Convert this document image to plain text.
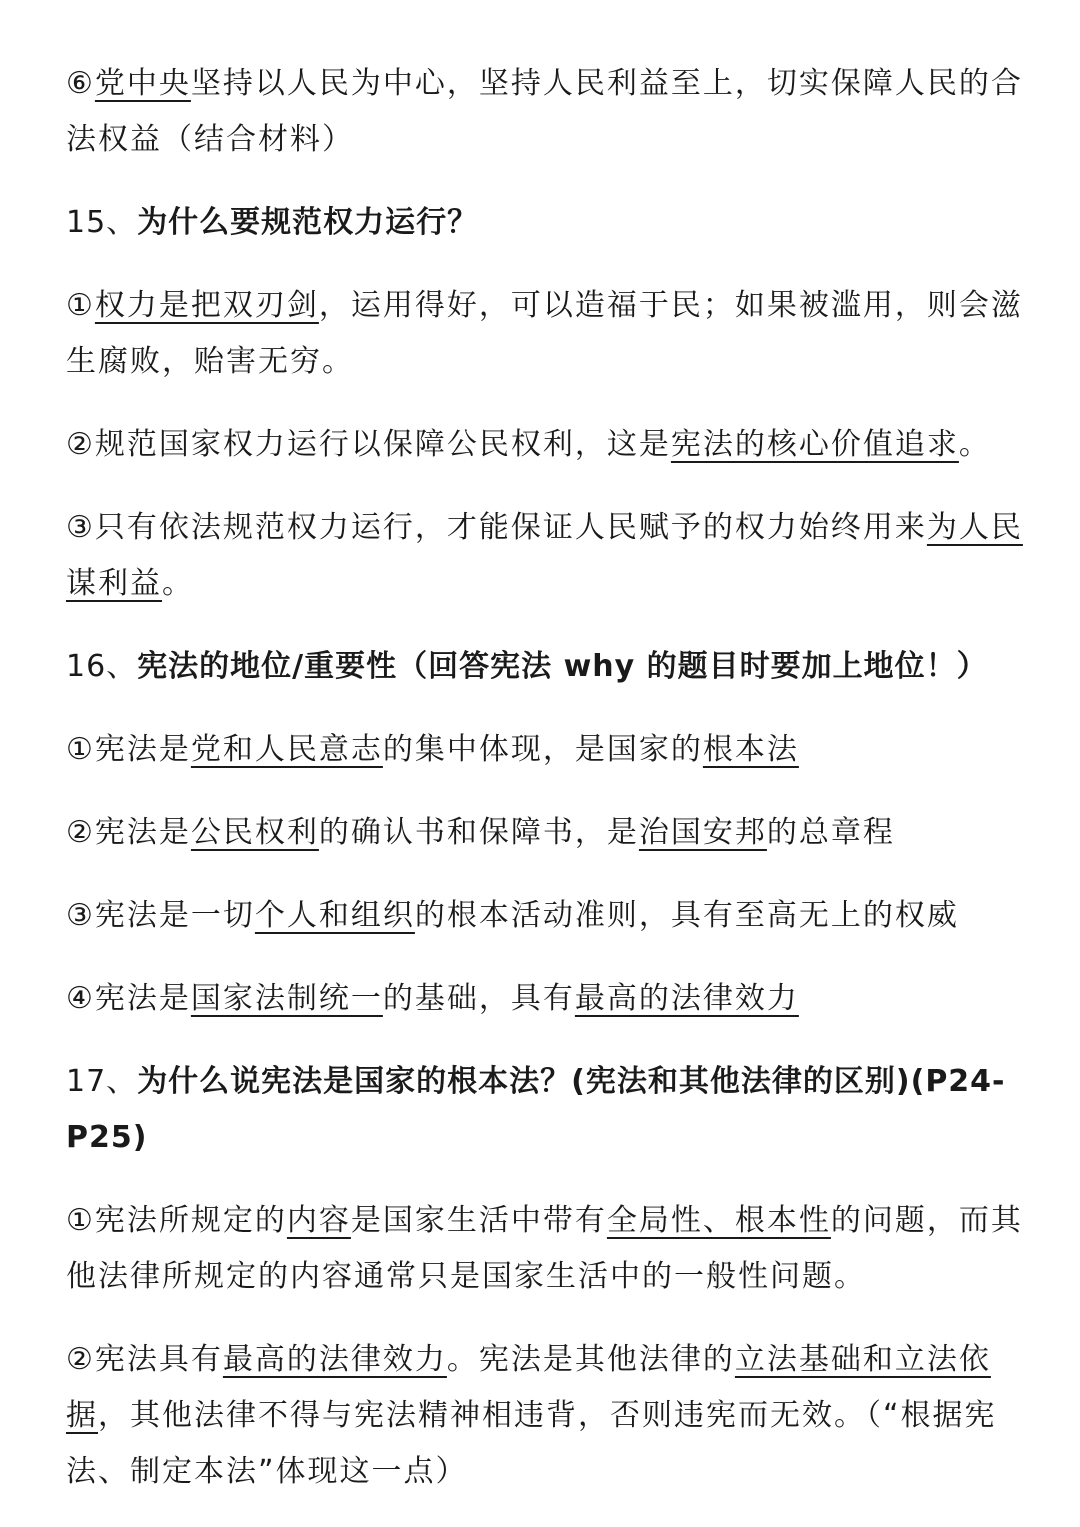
⑥党中央坚持以人民为中心，坚持人民利益至上，切实保障人民的合法权益（结合材料）

15、为什么要规范权力运行？

①权力是把双刃剑，运用得好，可以造福于民；如果被滥用，则会滋生腐败，贻害无穷。

②规范国家权力运行以保障公民权利，这是宪法的核心价值追求。

③只有依法规范权力运行，才能保证人民赋予的权力始终用来为人民谋利益。

16、宪法的地位/重要性（回答宪法 why 的题目时要加上地位！）

①宪法是党和人民意志的集中体现，是国家的根本法

②宪法是公民权利的确认书和保障书，是治国安邦的总章程

③宪法是一切个人和组织的根本活动准则，具有至高无上的权威

④宪法是国家法制统一的基础，具有最高的法律效力

17、为什么说宪法是国家的根本法？(宪法和其他法律的区别)(P24-P25)

①宪法所规定的内容是国家生活中带有全局性、根本性的问题，而其他法律所规定的内容通常只是国家生活中的一般性问题。

②宪法具有最高的法律效力。宪法是其他法律的立法基础和立法依据，其他法律不得与宪法精神相违背，否则违宪而无效。（“根据宪法、制定本法”体现这一点）
